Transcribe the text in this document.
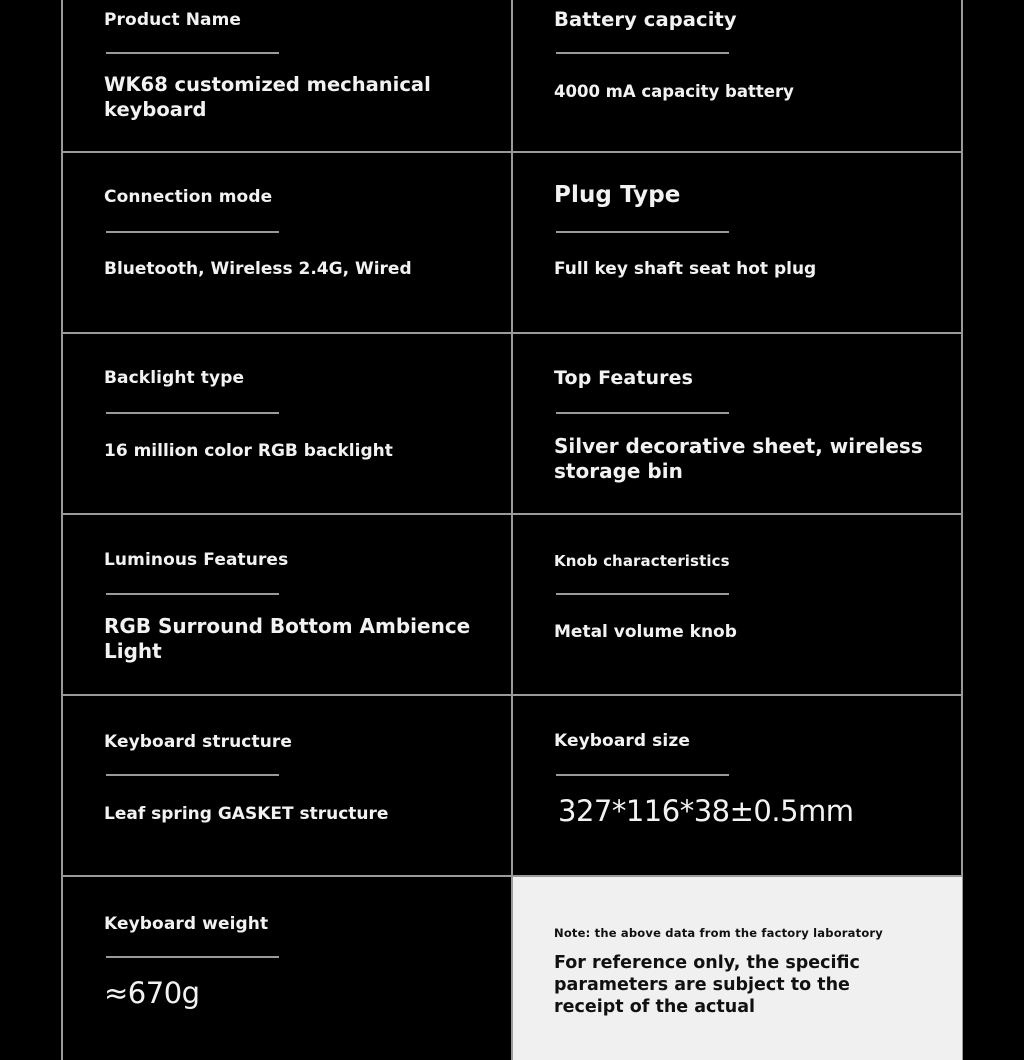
Product Name
WK68 customized mechanical keyboard
Battery capacity
4000 mA capacity battery
Connection mode
Bluetooth, Wireless 2.4G, Wired
Plug Type
Full key shaft seat hot plug
Backlight type
16 million color RGB backlight
Top Features
Silver decorative sheet, wireless storage bin
Luminous Features
RGB Surround Bottom Ambience Light
Knob characteristics
Metal volume knob
Keyboard structure
Leaf spring GASKET structure
Keyboard size
327*116*38±0.5mm
Keyboard weight
≈670g
Note: the above data from the factory laboratory
For reference only, the specific parameters are subject to the receipt of the actual
